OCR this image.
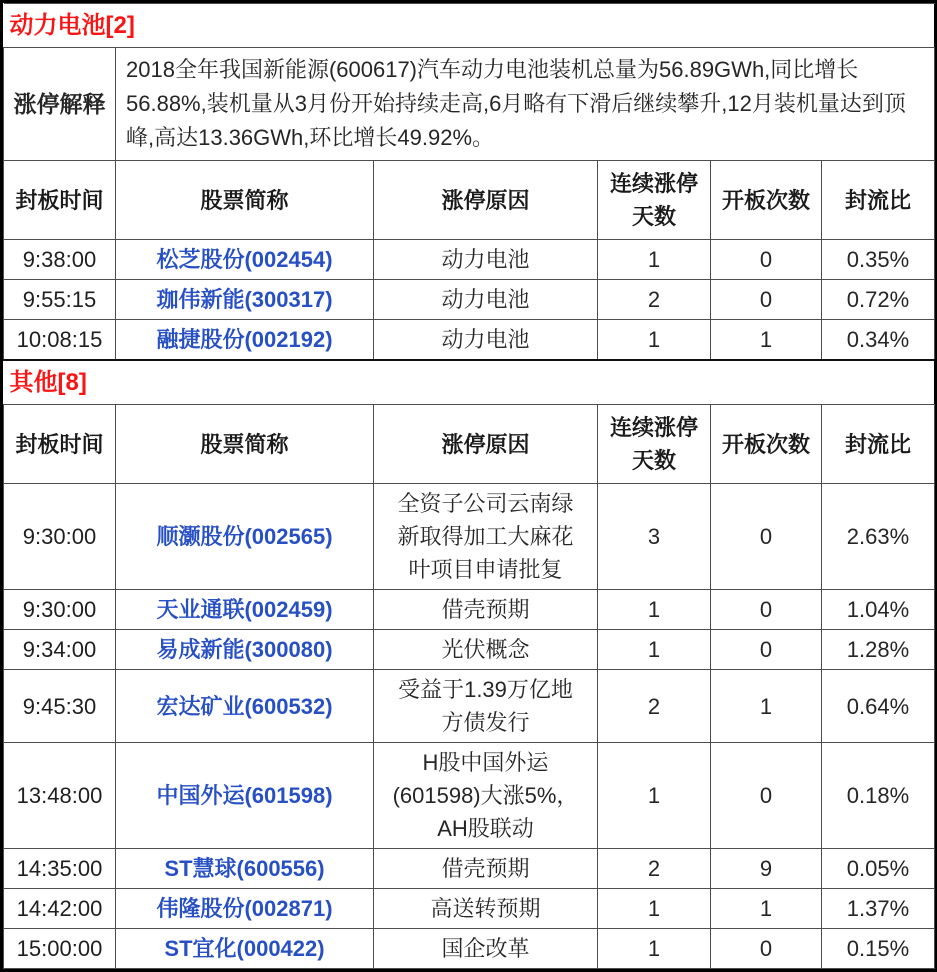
动力电池[2]					
涨停解释	2018全年我国新能源(600617)汽车动力电池装机总量为56.89GWh,同比增长56.88%,装机量从3月份开始持续走高,6月略有下滑后继续攀升,12月装机量达到顶峰,高达13.36GWh,环比增长49.92%。				
封板时间	股票简称	涨停原因	连续涨停天数	开板次数	封流比
9:38:00	松芝股份(002454)	动力电池	1	0	0.35%
9:55:15	珈伟新能(300317)	动力电池	2	0	0.72%
10:08:15	融捷股份(002192)	动力电池	1	1	0.34%
其他[8]					
封板时间	股票简称	涨停原因	连续涨停天数	开板次数	封流比
9:30:00	顺灏股份(002565)	全资子公司云南绿新取得加工大麻花叶项目申请批复	3	0	2.63%
9:30:00	天业通联(002459)	借壳预期	1	0	1.04%
9:34:00	易成新能(300080)	光伏概念	1	0	1.28%
9:45:30	宏达矿业(600532)	受益于1.39万亿地方债发行	2	1	0.64%
13:48:00	中国外运(601598)	H股中国外运(601598)大涨5%，AH股联动	1	0	0.18%
14:35:00	ST慧球(600556)	借壳预期	2	9	0.05%
14:42:00	伟隆股份(002871)	高送转预期	1	1	1.37%
15:00:00	ST宜化(000422)	国企改革	1	0	0.15%
